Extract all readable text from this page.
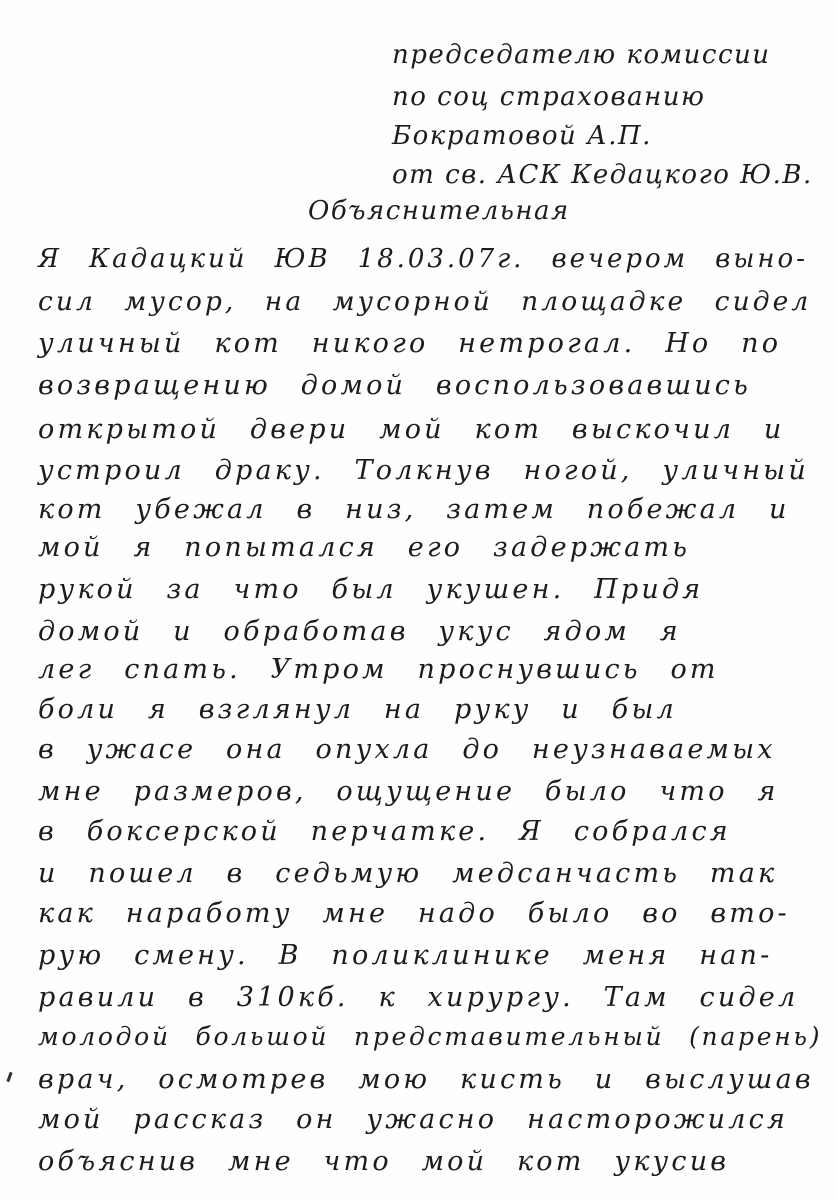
председателю комиссии
по соц страхованию
Бократовой А.П.
от св. АСК Кедацкого Ю.В.
Объяснительная
Я Кадацкий ЮВ 18.03.07г. вечером выно-
сил мусор, на мусорной площадке сидел
уличный кот никого нетрогал. Но по
возвращению домой воспользовавшись
открытой двери мой кот выскочил и
устроил драку. Толкнув ногой, уличный
кот убежал в низ, затем побежал и
мой я попытался его задержать
рукой за что был укушен. Придя
домой и обработав укус ядом я
лег спать. Утром проснувшись от
боли я взглянул на руку и был
в ужасе она опухла до неузнаваемых
мне размеров, ощущение было что я
в боксерской перчатке. Я собрался
и пошел в седьмую медсанчасть так
как наработу мне надо было во вто-
рую смену. В поликлинике меня нап-
равили в 310кб. к хирургу. Там сидел
молодой большой представительный (парень)
врач, осмотрев мою кисть и выслушав
мой рассказ он ужасно насторожился
объяснив мне что мой кот укусив
